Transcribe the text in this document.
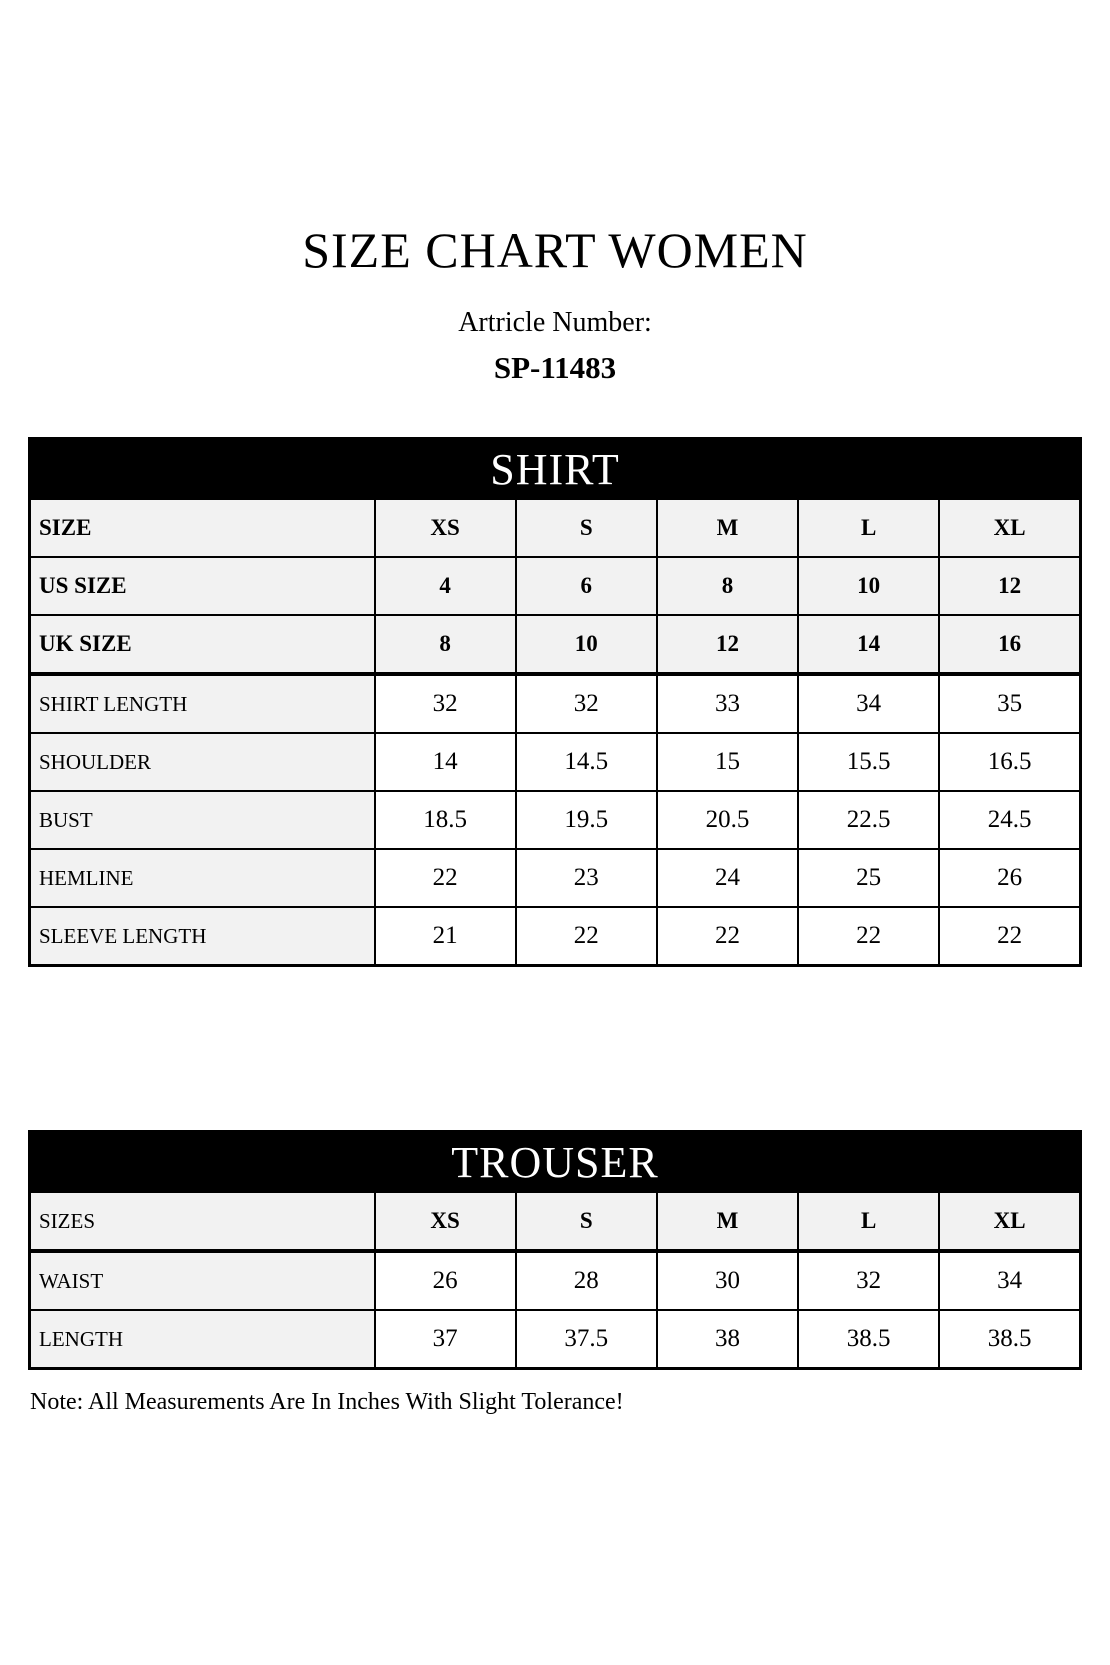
SIZE CHART WOMEN
Artricle Number:
SP-11483
SHIRT					
SIZE	XS	S	M	L	XL
US SIZE	4	6	8	10	12
UK SIZE	8	10	12	14	16
SHIRT LENGTH	32	32	33	34	35
SHOULDER	14	14.5	15	15.5	16.5
BUST	18.5	19.5	20.5	22.5	24.5
HEMLINE	22	23	24	25	26
SLEEVE LENGTH	21	22	22	22	22
TROUSER					
SIZES	XS	S	M	L	XL
WAIST	26	28	30	32	34
LENGTH	37	37.5	38	38.5	38.5
Note: All Measurements Are In Inches With Slight Tolerance!
